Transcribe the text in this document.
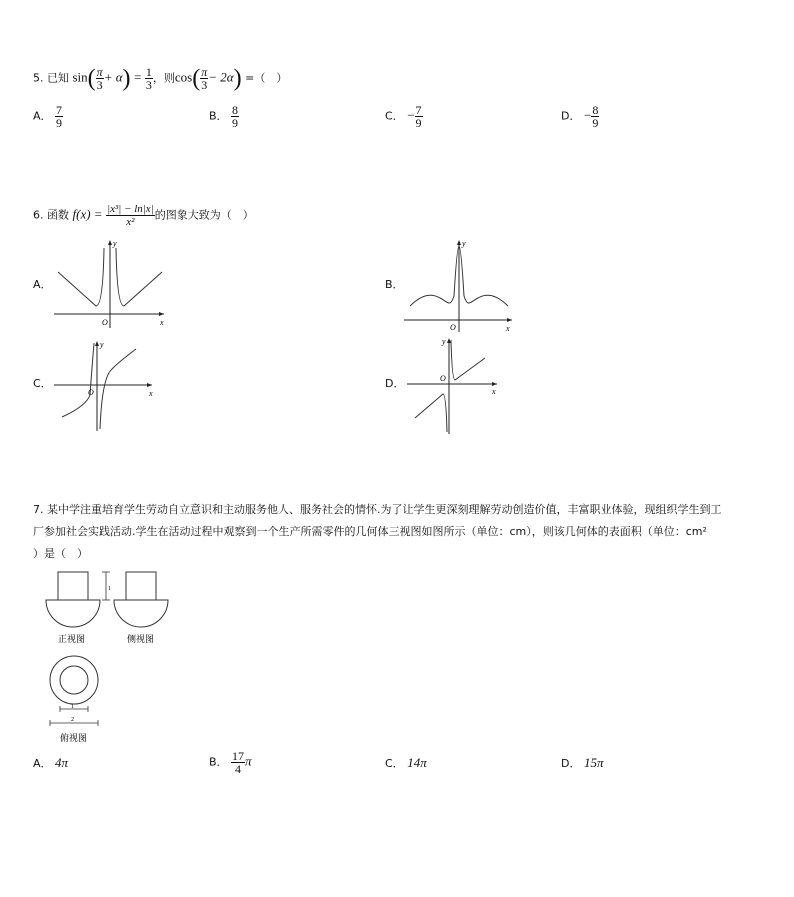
5. 已知 $\sin( \frac{\pi}{3} + \alpha) = \frac{1}{3}$ ，则$\cos( \frac{\pi}{3} - 2\alpha)$ =（　）
A． $\frac{7}{9}$	B． $\frac{8}{9}$	C． − $\frac{7}{9}$	D． − $\frac{8}{9}$
6. 函数 $f(x) = \frac{\text{|x³| − ln|x|}}{\text{x²}}$ 的图象大致为（　）
A．	B．
C．	D．
y
x
O
y
x
O
y
x
O
y
x
O
7. 某中学注重培育学生劳动自立意识和主动服务他人、服务社会的情怀.为了让学生更深刻理解劳动创造价值，丰富职业体验，现组织学生到工
厂参加社会实践活动.学生在活动过程中观察到一个生产所需零件的几何体三视图如图所示（单位：cm），则该几何体的表面积（单位：cm²
）是（　）
1
正视图	侧视图
1
2
俯视图
A． 4π	B． $\frac{17}{4}$ π	C． 14π	D． 15π
